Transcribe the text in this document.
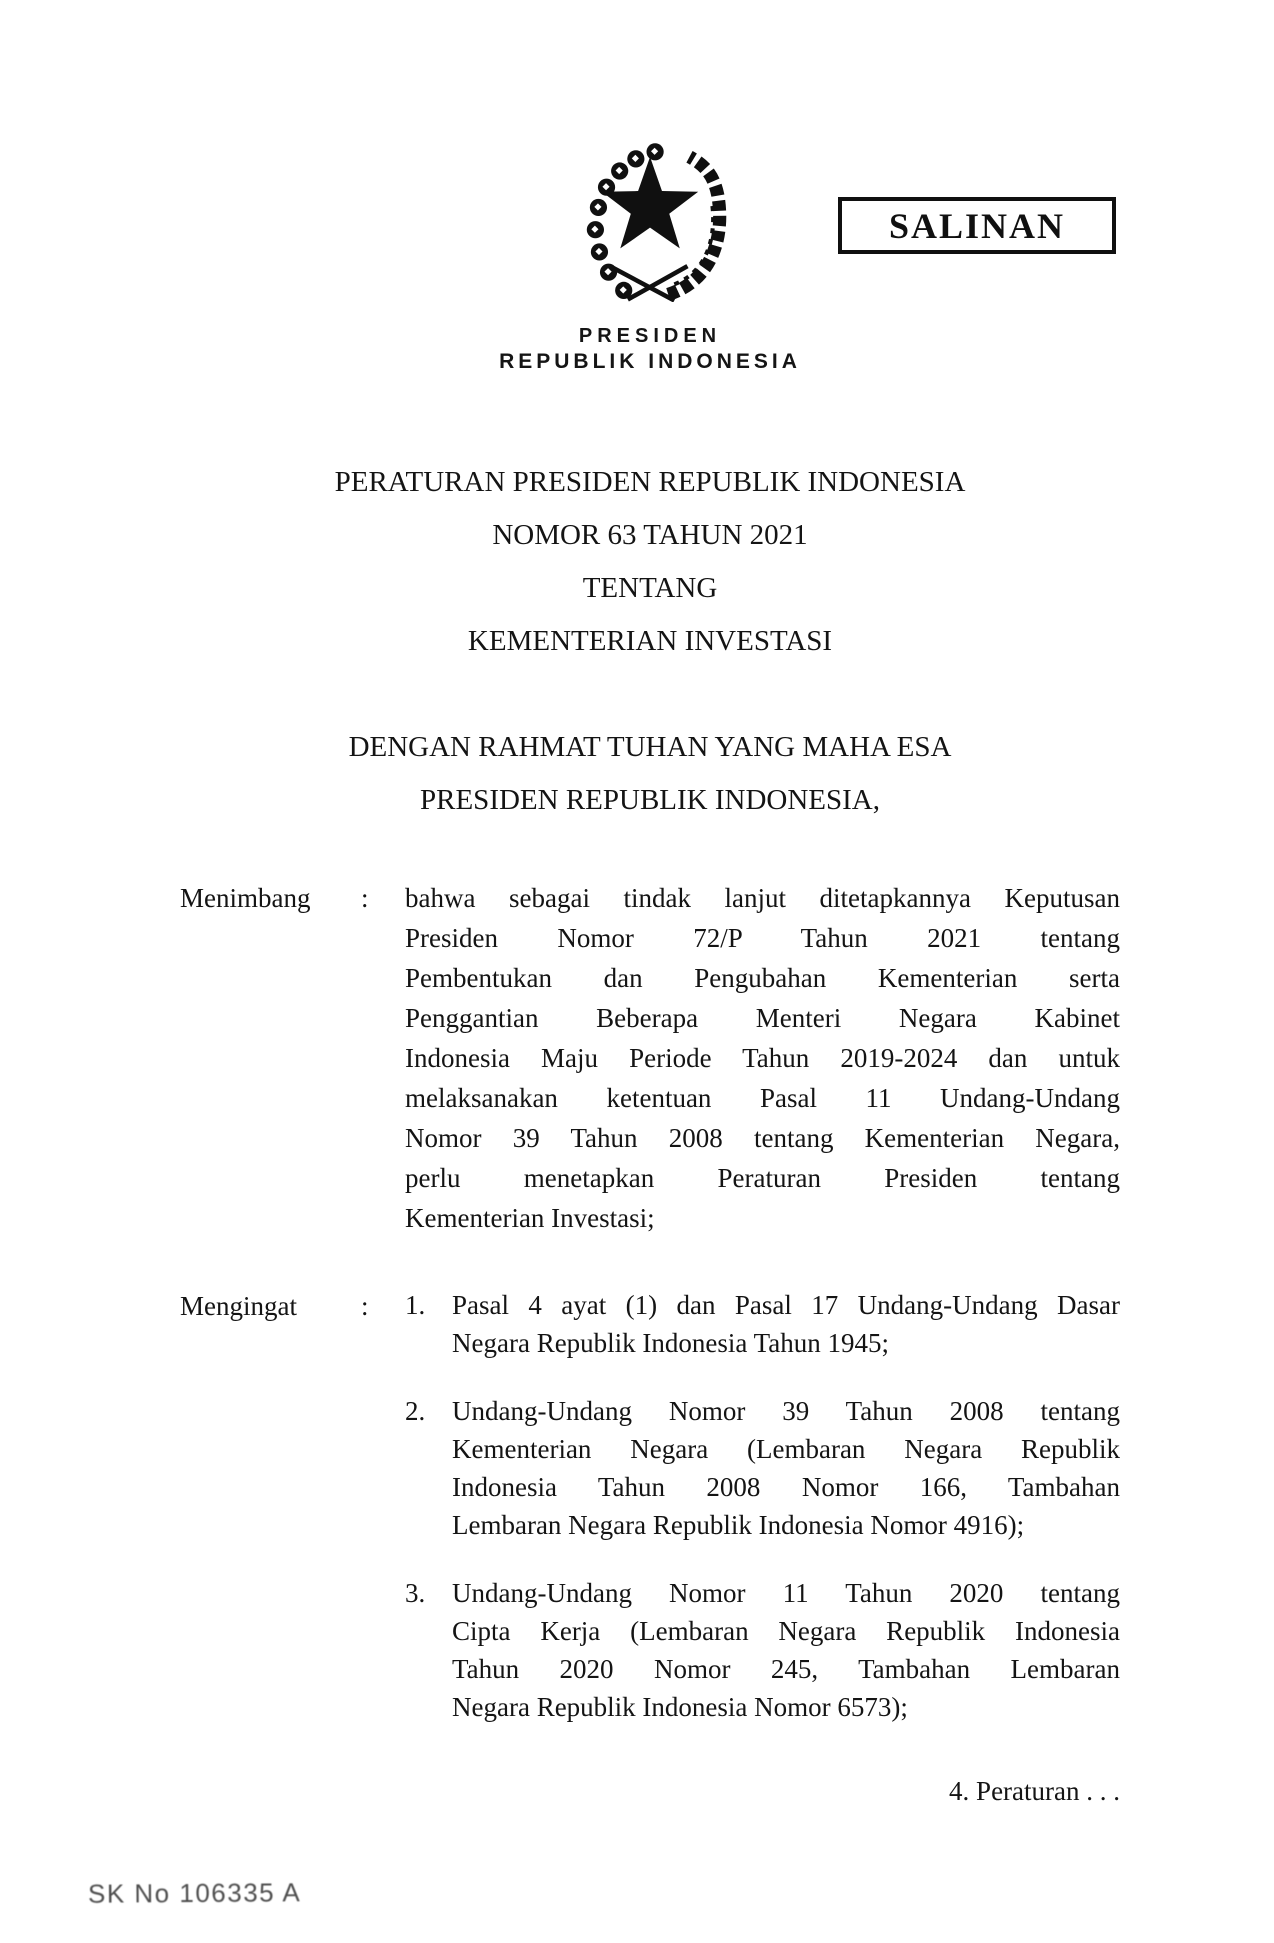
SALINAN
PRESIDEN
REPUBLIK INDONESIA
PERATURAN PRESIDEN REPUBLIK INDONESIA
NOMOR 63 TAHUN 2021
TENTANG
KEMENTERIAN INVESTASI
DENGAN RAHMAT TUHAN YANG MAHA ESA
PRESIDEN REPUBLIK INDONESIA,
Menimbang	:	bahwa sebagai tindak lanjut ditetapkannya Keputusan
Presiden Nomor 72/P Tahun 2021 tentang
Pembentukan dan Pengubahan Kementerian serta
Penggantian Beberapa Menteri Negara Kabinet
Indonesia Maju Periode Tahun 2019-2024 dan untuk
melaksanakan ketentuan Pasal 11 Undang-Undang
Nomor 39 Tahun 2008 tentang Kementerian Negara,
perlu menetapkan Peraturan Presiden tentang
Kementerian Investasi;
Mengingat	:	1. Pasal 4 ayat (1) dan Pasal 17 Undang-Undang Dasar
Negara Republik Indonesia Tahun 1945;
2. Undang-Undang Nomor 39 Tahun 2008 tentang
Kementerian Negara (Lembaran Negara Republik
Indonesia Tahun 2008 Nomor 166, Tambahan
Lembaran Negara Republik Indonesia Nomor 4916);
3. Undang-Undang Nomor 11 Tahun 2020 tentang
Cipta Kerja (Lembaran Negara Republik Indonesia
Tahun 2020 Nomor 245, Tambahan Lembaran
Negara Republik Indonesia Nomor 6573);
4. Peraturan . . .
SK No 106335 A
